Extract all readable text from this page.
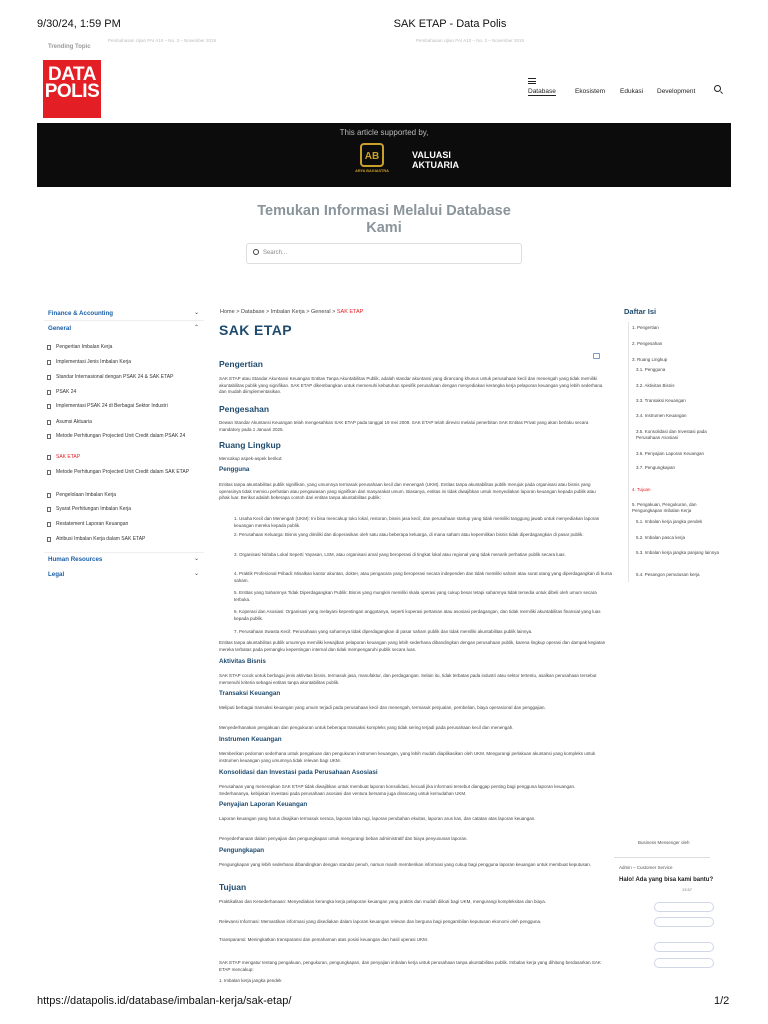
9/30/24, 1:59 PM	SAK ETAP - Data Polis
Trending Topic
Pembahasan Ujian PAI A10 – No. 3 – November 2019	Pembahasan Ujian PAI A10 – No. 3 – November 2019
DATA
POLIS	Database	Ekosistem Edukasi Development
This article supported by,
AB
ARYA BAGIASTRA
VALUASI
AKTUARIA
Temukan Informasi Melalui Database
Kami
Search...
Finance & Accounting	⌄
General	⌃
Pengertian Imbalan Kerja
Implementasi Jenis Imbalan Kerja
Standar Internasional dengan PSAK 24 & SAK ETAP
PSAK 24
Implementasi PSAK 24 di Berbagai Sektor Industri
Asumsi Aktuaria
Metode Perhitungan Projected Unit Credit dalam PSAK 24
SAK ETAP
Metode Perhitungan Projected Unit Credit dalam SAK ETAP
Pengelolaan Imbalan Kerja
Syarat Perhitungan Imbalan Kerja
Restatement Laporan Keuangan
Atribusi Imbalan Kerja dalam SAK ETAP
Human Resources	⌄
Legal	⌄
Home > Database > Imbalan Kerja > General > SAK ETAP
SAK ETAP
Pengertian
SAK ETAP atau Standar Akuntansi Keuangan Entitas Tanpa Akuntabilitas Publik, adalah standar akuntansi yang dirancang khusus untuk perusahaan kecil dan menengah yang tidak memiliki akuntabilitas publik yang signifikan. SAK ETAP dikembangkan untuk memenuhi kebutuhan spesifik perusahaan dengan menyediakan kerangka kerja pelaporan keuangan yang lebih sederhana dan mudah diimplementasikan.
Pengesahan
Dewan Standar Akuntansi Keuangan telah mengesahkan SAK ETAP pada tanggal 19 mei 2009. SAK ETAP telah direvisi melalui penerbitan SAK Entitas Privat yang akan berlaku secara mandatory pada 1 Januari 2025.
Ruang Lingkup
Mencakup aspek-aspek berikut:
Pengguna
Entitas tanpa akuntabilitas publik signifikan, yang umumnya termasuk perusahaan kecil dan menengah (UKM). Entitas tanpa akuntabilitas publik merujuk pada organisasi atau bisnis yang operasinya tidak memicu perhatian atau pengawasan yang signifikan dari masyarakat umum. Biasanya, entitas ini tidak diwajibkan untuk menyediakan laporan keuangan kepada publik atau pihak luar. Berikut adalah beberapa contoh dari entitas tanpa akuntabilitas publik:
1. Usaha Kecil dan Menengah (UKM): Ini bisa mencakup toko lokal, restoran, bisnis jasa kecil, dan perusahaan startup yang tidak memiliki tanggung jawab untuk menyediakan laporan keuangan mereka kepada publik.
2. Perusahaan Keluarga: Bisnis yang dimiliki dan dioperasikan oleh satu atau beberapa keluarga, di mana saham atau kepemilikan bisnis tidak diperdagangkan di pasar publik.
3. Organisasi Nirlaba Lokal Seperti Yayasan, LSM, atau organisasi amal yang beroperasi di tingkat lokal atau regional yang tidak menarik perhatian publik secara luas.
4. Praktik Profesional Pribadi: Misalkan kantor akuntan, dokter, atau pengacara yang beroperasi secara independen dan tidak memiliki saham atau surat utang yang diperdagangkan di bursa saham.
5. Entitas yang Sahamnya Tidak Diperdagangkan Publik: Bisnis yang mungkin memiliki skala operasi yang cukup besar tetapi sahamnya tidak tersedia untuk dibeli oleh umum secara terbuka.
6. Koperasi dan Asosiasi: Organisasi yang melayani kepentingan anggotanya, seperti koperasi pertanian atau asosiasi perdagangan, dan tidak memiliki akuntabilitas finansial yang luas kepada publik.
7. Perusahaan Swasta Kecil: Perusahaan yang sahamnya tidak diperdagangkan di pasar saham publik dan tidak memiliki akuntabilitas publik lainnya.
Entitas tanpa akuntabilitas publik umumnya memiliki kewajiban pelaporan keuangan yang lebih sederhana dibandingkan dengan perusahaan publik, karena lingkup operasi dan dampak kegiatan mereka terbatas pada pemangku kepentingan internal dan tidak mempengaruhi publik secara luas.
Aktivitas Bisnis
SAK ETAP cocok untuk berbagai jenis aktivitas bisnis, termasuk jasa, manufaktur, dan perdagangan. Selain itu, tidak terbatas pada industri atau sektor tertentu, asalkan perusahaan tersebut memenuhi kriteria sebagai entitas tanpa akuntabilitas publik.
Transaksi Keuangan
Meliputi berbagai transaksi keuangan yang umum terjadi pada perusahaan kecil dan menengah, termasuk penjualan, pembelian, biaya operasional dan penggajian.
Menyederhanakan pengakuan dan pengukuran untuk beberapa transaksi kompleks yang tidak sering terjadi pada perusahaan kecil dan menengah.
Instrumen Keuangan
Memberikan pedoman sederhana untuk pengakuan dan pengukuran instrumen keuangan, yang lebih mudah diaplikasikan oleh UKM. Mengurangi perlakuan akuntansi yang kompleks untuk instrumen keuangan yang umumnya tidak relevan bagi UKM.
Konsolidasi dan Investasi pada Perusahaan Asosiasi
Perusahaan yang menerapkan SAK ETAP tidak diwajibkan untuk membuat laporan konsolidasi, kecuali jika informasi tersebut dianggap penting bagi pengguna laporan keuangan. Sederhananya, kebijakan investasi pada perusahaan asosiasi dan ventura bersama juga dirancang untuk kemudahan UKM.
Penyajian Laporan Keuangan
Laporan keuangan yang harus disajikan termasuk neraca, laporan laba rugi, laporan perubahan ekuitas, laporan arus kas, dan catatan atas laporan keuangan.
Penyederhanaan dalam penyajian dan pengungkapan untuk mengurangi beban administratif dan biaya penyusunan laporan.
Pengungkapan
Pengungkapan yang lebih sederhana dibandingkan dengan standar penuh, namun masih memberikan informasi yang cukup bagi pengguna laporan keuangan untuk membuat keputusan.
Tujuan
Praktikalitas dan Kesederhanaan: Menyediakan kerangka kerja pelaporan keuangan yang praktis dan mudah diikuti bagi UKM, mengurangi kompleksitas dan biaya.
Relevansi Informasi: Memastikan informasi yang disediakan dalam laporan keuangan relevan dan berguna bagi pengambilan keputusan ekonomi oleh pengguna.
Transparansi: Meningkatkan transparansi dan pemahaman atas posisi keuangan dan hasil operasi UKM.
SAK ETAP mengatur tentang pengakuan, pengukuran, pengungkapan, dan penyajian imbalan kerja untuk perusahaan tanpa akuntabilitas publik. Imbalan kerja yang dihitung berdasarkan SAK ETAP mencakup:
1. Imbalan kerja jangka pendek
Daftar Isi
1. Pengertian
2. Pengesahan
3. Ruang Lingkup
3.1. Pengguna
3.2. Aktivitas Bisnis
3.3. Transaksi Keuangan
3.4. Instrumen Keuangan
3.5. Konsolidasi dan Investasi pada Perusahaan Asosiasi
3.6. Penyajian Laporan Keuangan
3.7. Pengungkapan
4. Tujuan
5. Pengakuan, Pengukuran, dan Pengungkapan Imbalan Kerja
5.1. Imbalan kerja jangka pendek
5.2. Imbalan pasca kerja
5.3. Imbalan kerja jangka panjang lainnya
5.4. Pesangon pemutusan kerja
Business Messenger oleh
Admin – Customer Service
Halo! Ada yang bisa kami bantu?
13.57
https://datapolis.id/database/imbalan-kerja/sak-etap/	1/2
